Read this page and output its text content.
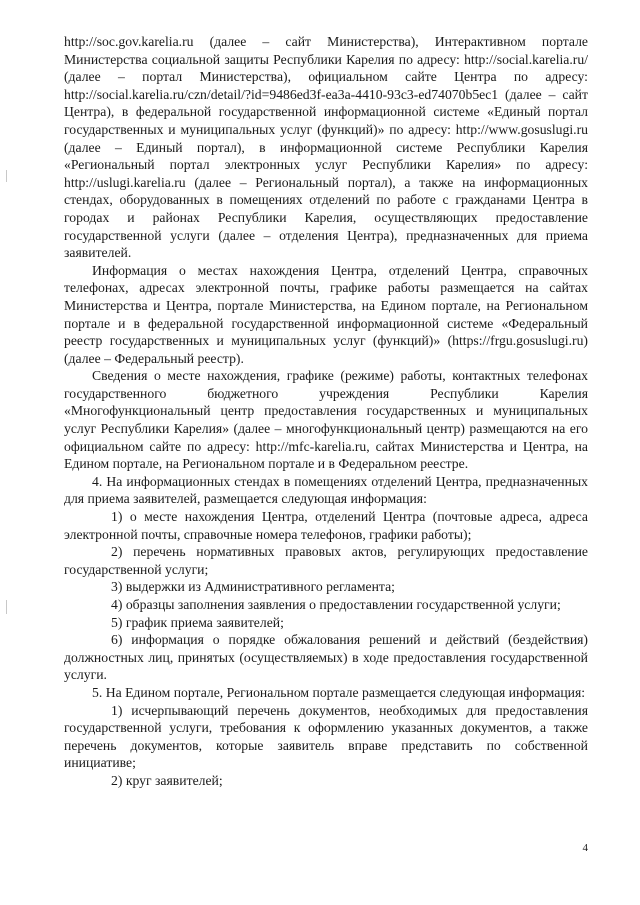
http://soc.gov.karelia.ru (далее – сайт Министерства), Интерактивном портале Министерства социальной защиты Республики Карелия по адресу: http://social.karelia.ru/ (далее – портал Министерства), официальном сайте Центра по адресу: http://social.karelia.ru/czn/detail/?id=9486ed3f-ea3a-4410-93c3-ed74070b5ec1 (далее – сайт Центра), в федеральной государственной информационной системе «Единый портал государственных и муниципальных услуг (функций)» по адресу: http://www.gosuslugi.ru (далее – Единый портал), в информационной системе Республики Карелия «Региональный портал электронных услуг Республики Карелия» по адресу: http://uslugi.karelia.ru (далее – Региональный портал), а также на информационных стендах, оборудованных в помещениях отделений по работе с гражданами Центра в городах и районах Республики Карелия, осуществляющих предоставление государственной услуги (далее – отделения Центра), предназначенных для приема заявителей.

Информация о местах нахождения Центра, отделений Центра, справочных телефонах, адресах электронной почты, графике работы размещается на сайтах Министерства и Центра, портале Министерства, на Едином портале, на Региональном портале и в федеральной государственной информационной системе «Федеральный реестр государственных и муниципальных услуг (функций)» (https://frgu.gosuslugi.ru) (далее – Федеральный реестр).

Сведения о месте нахождения, графике (режиме) работы, контактных телефонах государственного бюджетного учреждения Республики Карелия «Многофункциональный центр предоставления государственных и муниципальных услуг Республики Карелия» (далее – многофункциональный центр) размещаются на его официальном сайте по адресу: http://mfc-karelia.ru, сайтах Министерства и Центра, на Едином портале, на Региональном портале и в Федеральном реестре.

4. На информационных стендах в помещениях отделений Центра, предназначенных для приема заявителей, размещается следующая информация:

1) о месте нахождения Центра, отделений Центра (почтовые адреса, адреса электронной почты, справочные номера телефонов, графики работы);

2) перечень нормативных правовых актов, регулирующих предоставление государственной услуги;

3) выдержки из Административного регламента;

4) образцы заполнения заявления о предоставлении государственной услуги;

5) график приема заявителей;

6) информация о порядке обжалования решений и действий (бездействия) должностных лиц, принятых (осуществляемых) в ходе предоставления государственной услуги.

5. На Едином портале, Региональном портале размещается следующая информация:

1) исчерпывающий перечень документов, необходимых для предоставления государственной услуги, требования к оформлению указанных документов, а также перечень документов, которые заявитель вправе представить по собственной инициативе;

2) круг заявителей;

4
